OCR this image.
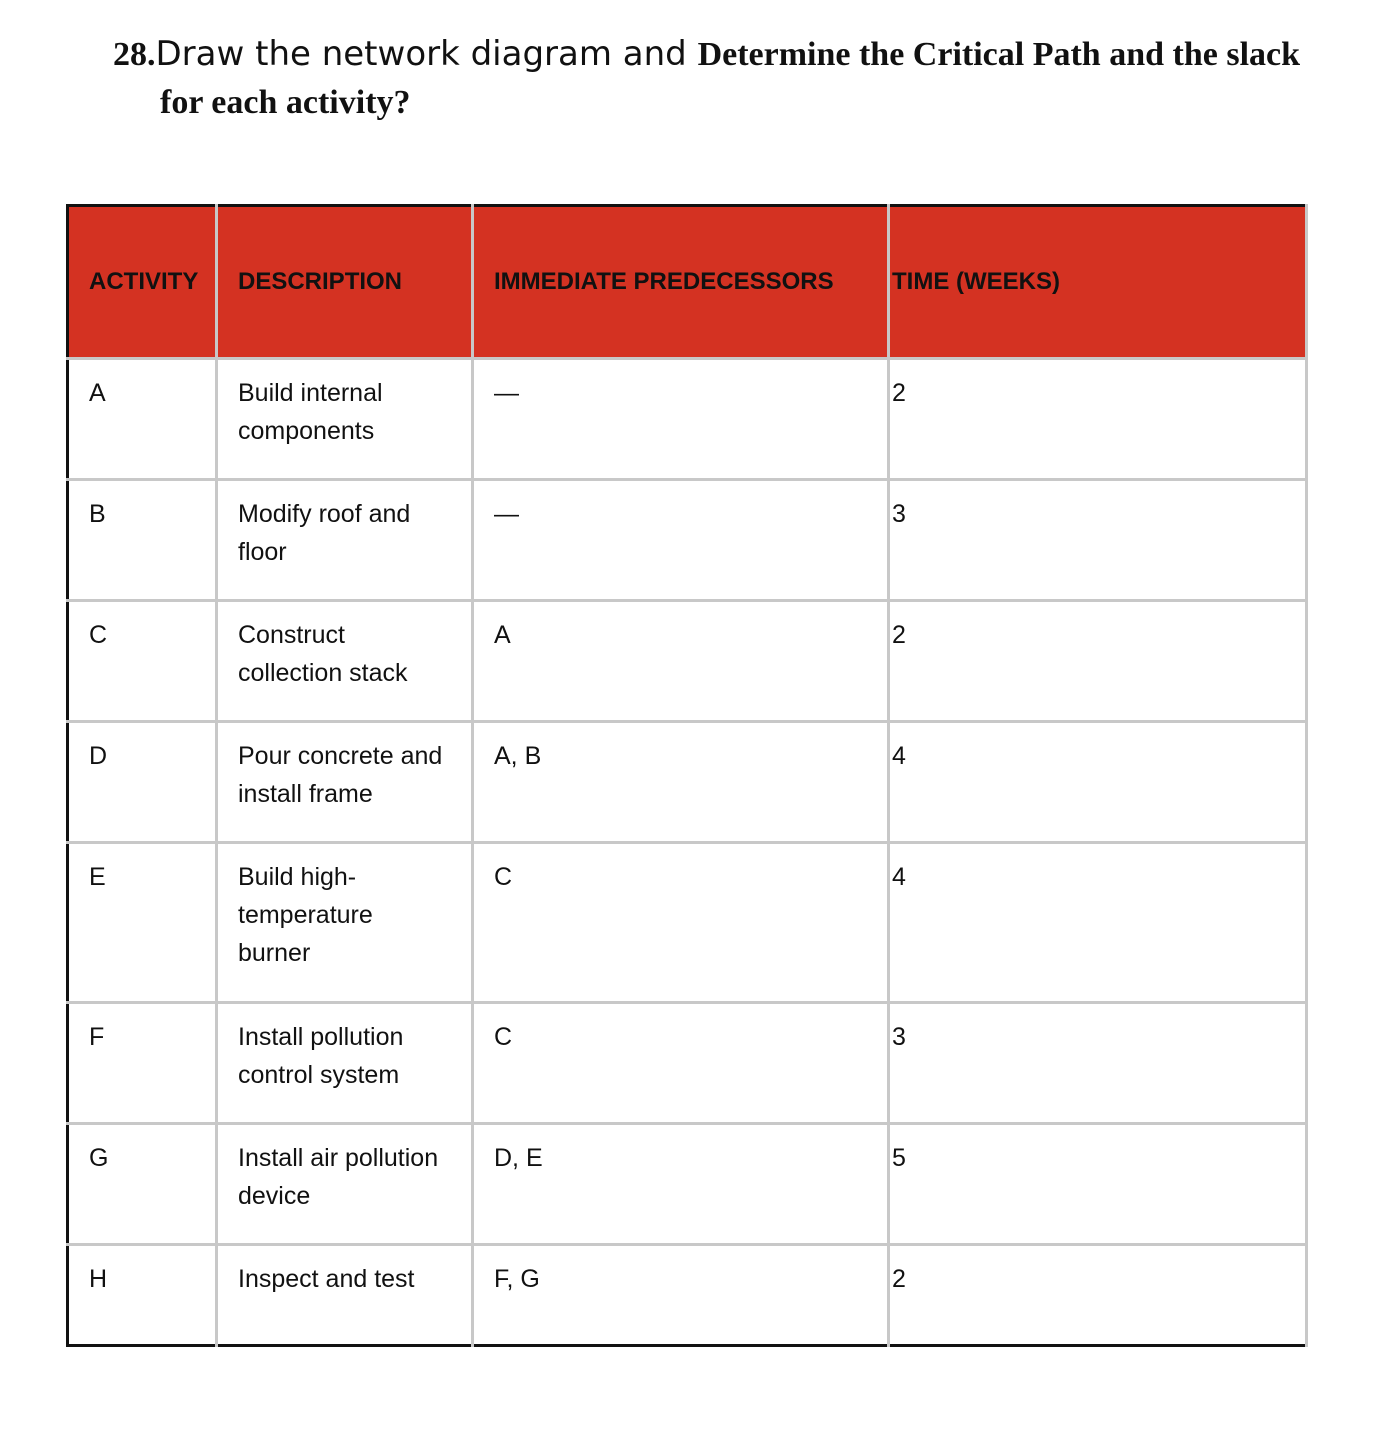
28.Draw the network diagram and Determine the Critical Path and the slack
for each activity?
ACTIVITY	DESCRIPTION	IMMEDIATE PREDECESSORS	TIME (WEEKS)
A	Build internal components	—	2
B	Modify roof and floor	—	3
C	Construct collection stack	A	2
D	Pour concrete and install frame	A, B	4
E	Build high-temperature burner	C	4
F	Install pollution control system	C	3
G	Install air pollution device	D, E	5
H	Inspect and test	F, G	2
